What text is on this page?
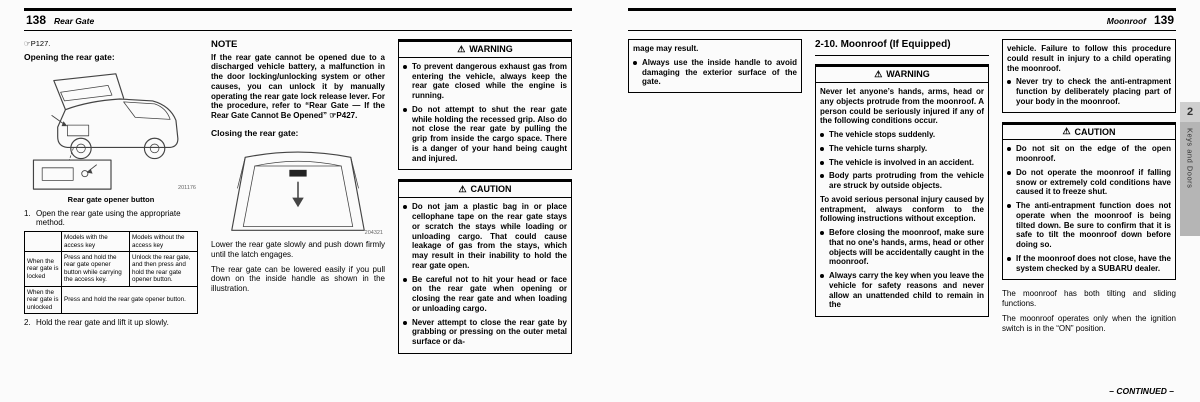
138 Rear Gate
☞P127.
Opening the rear gate:
201176
Rear gate opener button
1. Open the rear gate using the appropriate method.
	Models with the access key	Models without the access key
When the rear gate is locked	Press and hold the rear gate opener button while carrying the access key.	Unlock the rear gate, and then press and hold the rear gate opener button.
When the rear gate is unlocked	Press and hold the rear gate opener button.	
2. Hold the rear gate and lift it up slowly.
NOTE
If the rear gate cannot be opened due to a discharged vehicle battery, a malfunction in the door locking/unlocking system or other causes, you can unlock it by manually operating the rear gate lock release lever. For the procedure, refer to “Rear Gate — If the Rear Gate Cannot Be Opened” ☞P427.
Closing the rear gate:
204321
Lower the rear gate slowly and push down firmly until the latch engages.
The rear gate can be lowered easily if you pull down on the inside handle as shown in the illustration.
⚠ WARNING
To prevent dangerous exhaust gas from entering the vehicle, always keep the rear gate closed while the engine is running.
Do not attempt to shut the rear gate while holding the recessed grip. Also do not close the rear gate by pulling the grip from inside the cargo space. There is a danger of your hand being caught and injured.
⚠ CAUTION
Do not jam a plastic bag in or place cellophane tape on the rear gate stays or scratch the stays while loading or unloading cargo. That could cause leakage of gas from the stays, which may result in their inability to hold the rear gate open.
Be careful not to hit your head or face on the rear gate when opening or closing the rear gate and when loading or unloading cargo.
Never attempt to close the rear gate by grabbing or pressing on the outer metal surface or da-
Moonroof 139
mage may result.
Always use the inside handle to avoid damaging the exterior surface of the gate.
2-10. Moonroof (If Equipped)
⚠ WARNING
Never let anyone’s hands, arms, head or any objects protrude from the moonroof. A person could be seriously injured if any of the following conditions occur.
The vehicle stops suddenly.
The vehicle turns sharply.
The vehicle is involved in an accident.
Body parts protruding from the vehicle are struck by outside objects.
To avoid serious personal injury caused by entrapment, always conform to the following instructions without exception.
Before closing the moonroof, make sure that no one’s hands, arms, head or other objects will be accidentally caught in the moonroof.
Always carry the key when you leave the vehicle for safety reasons and never allow an unattended child to remain in the
vehicle. Failure to follow this procedure could result in injury to a child operating the moonroof.
Never try to check the anti-entrapment function by deliberately placing part of your body in the moonroof.
⚠ CAUTION
Do not sit on the edge of the open moonroof.
Do not operate the moonroof if falling snow or extremely cold conditions have caused it to freeze shut.
The anti-entrapment function does not operate when the moonroof is being tilted down. Be sure to confirm that it is safe to tilt the moonroof down before doing so.
If the moonroof does not close, have the system checked by a SUBARU dealer.
The moonroof has both tilting and sliding functions.
The moonroof operates only when the ignition switch is in the “ON” position.
– CONTINUED –
2
Keys and Doors
